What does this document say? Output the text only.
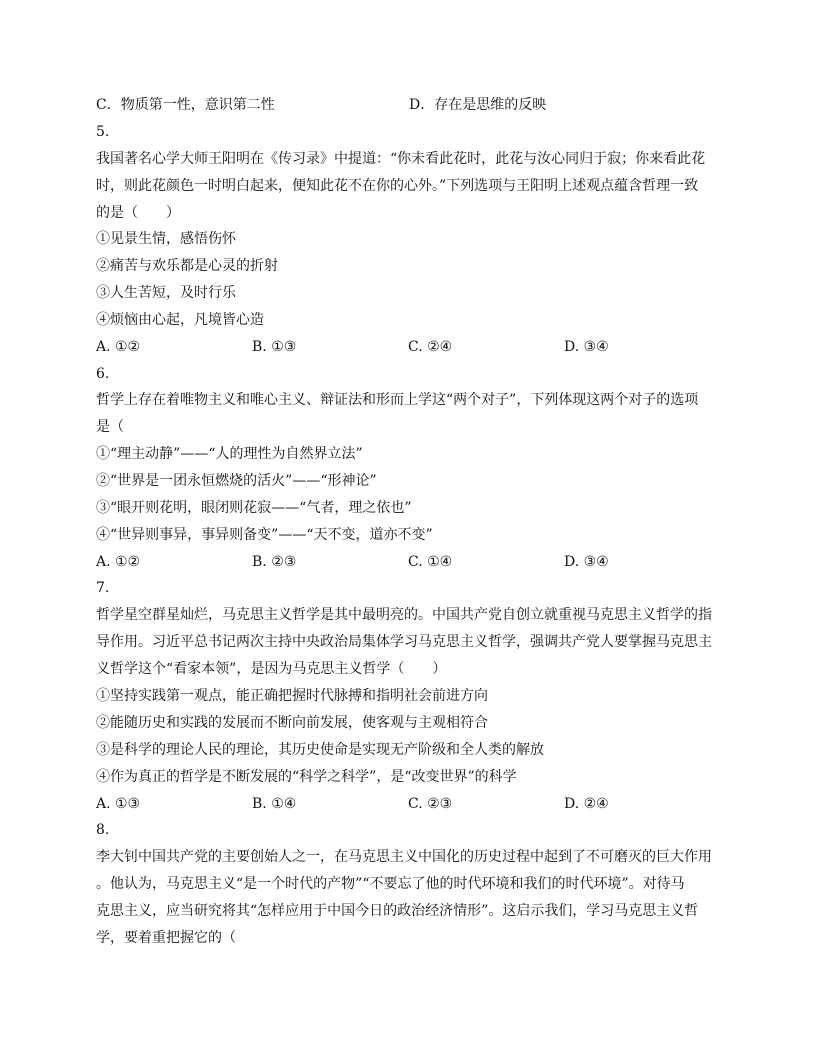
C．物质第一性，意识第二性	D．存在是思维的反映
5.
我国著名心学大师王阳明在《传习录》中提道：“你未看此花时，此花与汝心同归于寂；你来看此花
时，则此花颜色一时明白起来，便知此花不在你的心外。”下列选项与王阳明上述观点蕴含哲理一致
的是（　　）
①见景生情，感悟伤怀
②痛苦与欢乐都是心灵的折射
③人生苦短，及时行乐
④烦恼由心起，凡境皆心造
A. ①②	B. ①③	C. ②④	D. ③④
6.
哲学上存在着唯物主义和唯心主义、辩证法和形而上学这“两个对子”，下列体现这两个对子的选项
是（
①“理主动静”——“人的理性为自然界立法”
②“世界是一团永恒燃烧的活火”——“形神论”
③“眼开则花明，眼闭则花寂——“气者，理之依也”
④“世异则事异，事异则备变”——“天不变，道亦不变”
A. ①②	B. ②③	C. ①④	D. ③④
7.
哲学星空群星灿烂，马克思主义哲学是其中最明亮的。中国共产党自创立就重视马克思主义哲学的指
导作用。习近平总书记两次主持中央政治局集体学习马克思主义哲学，强调共产党人要掌握马克思主
义哲学这个“看家本领”，是因为马克思主义哲学（　　）
①坚持实践第一观点，能正确把握时代脉搏和指明社会前进方向
②能随历史和实践的发展而不断向前发展，使客观与主观相符合
③是科学的理论人民的理论，其历史使命是实现无产阶级和全人类的解放
④作为真正的哲学是不断发展的“科学之科学”，是“改变世界”的科学
A. ①③	B. ①④	C. ②③	D. ②④
8.
李大钊中国共产党的主要创始人之一，在马克思主义中国化的历史过程中起到了不可磨灭的巨大作用
。他认为，马克思主义“是一个时代的产物”“不要忘了他的时代环境和我们的时代环境”。对待马
克思主义，应当研究将其“怎样应用于中国今日的政治经济情形”。这启示我们，学习马克思主义哲
学，要着重把握它的（
